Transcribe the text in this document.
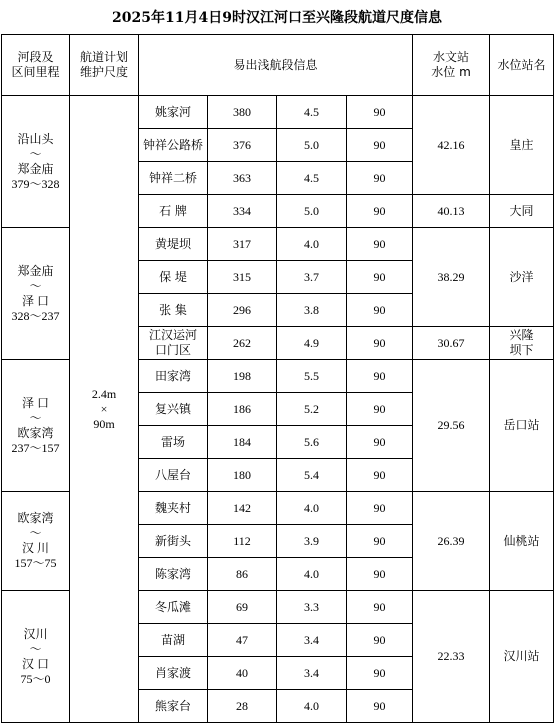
2025年11月4日9时汉江河口至兴隆段航道尺度信息
河段及
区间里程	航道计划
维护尺度	易出浅航段信息				水文站
水位 m	水位站名
沿山头
～
郑金庙
379～328	2.4m
×
90m	姚家河	380	4.5	90	42.16	皇庄
		钟祥公路桥	376	5.0	90		
		钟祥二桥	363	4.5	90		
		石 牌	334	5.0	90	40.13	大同
郑金庙
～
泽 口
328～237		黄堤坝	317	4.0	90	38.29	沙洋
		保 堤	315	3.7	90		
		张 集	296	3.8	90		
		江汉运河
口门区	262	4.9	90	30.67	兴隆
坝下
泽 口
～
欧家湾
237～157		田家湾	198	5.5	90	29.56	岳口站
		复兴镇	186	5.2	90		
		雷场	184	5.6	90		
		八屋台	180	5.4	90		
欧家湾
～
汉 川
157～75		魏夹村	142	4.0	90	26.39	仙桃站
		新街头	112	3.9	90		
		陈家湾	86	4.0	90		
汉川
～
汉 口
75～0		冬瓜滩	69	3.3	90	22.33	汉川站
		苗湖	47	3.4	90		
		肖家渡	40	3.4	90		
		熊家台	28	4.0	90		
